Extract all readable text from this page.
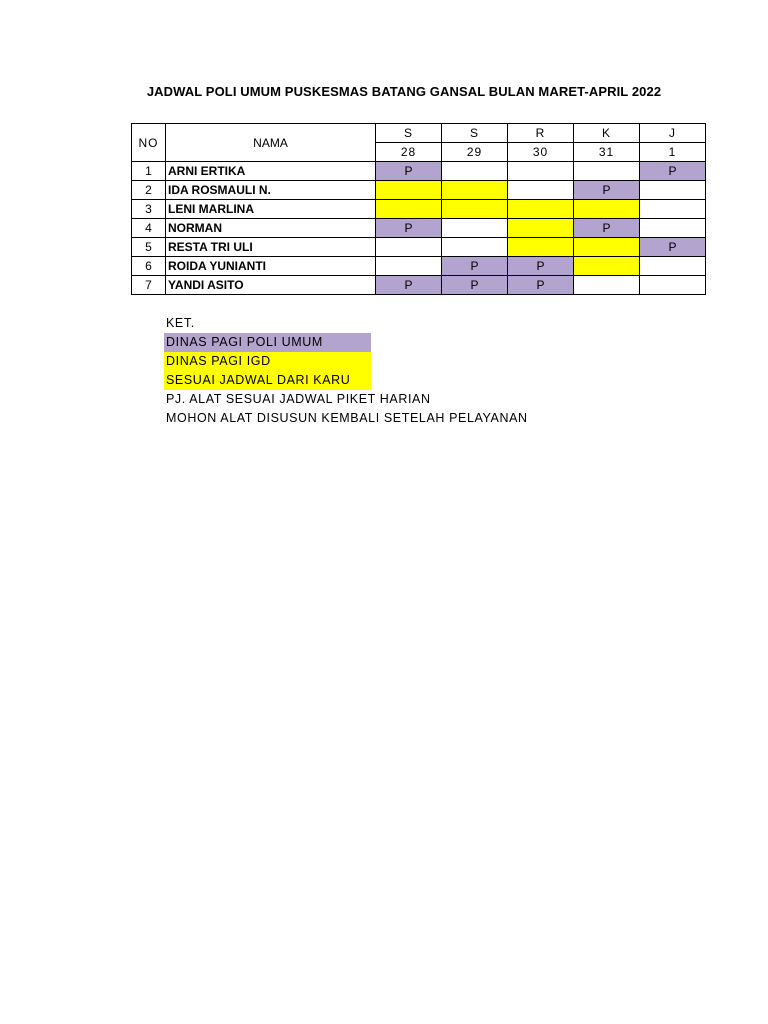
JADWAL POLI UMUM PUSKESMAS BATANG GANSAL BULAN MARET-APRIL 2022
NO	NAMA	S	S	R	K	J
		28	29	30	31	1
1	ARNI ERTIKA	P				P
2	IDA ROSMAULI N.				P	
3	LENI MARLINA					
4	NORMAN	P			P	
5	RESTA TRI ULI					P
6	ROIDA YUNIANTI		P	P		
7	YANDI ASITO	P	P	P		
KET.
DINAS PAGI POLI UMUM
DINAS PAGI IGD
SESUAI JADWAL DARI KARU
PJ. ALAT SESUAI JADWAL PIKET HARIAN
MOHON ALAT DISUSUN KEMBALI SETELAH PELAYANAN
